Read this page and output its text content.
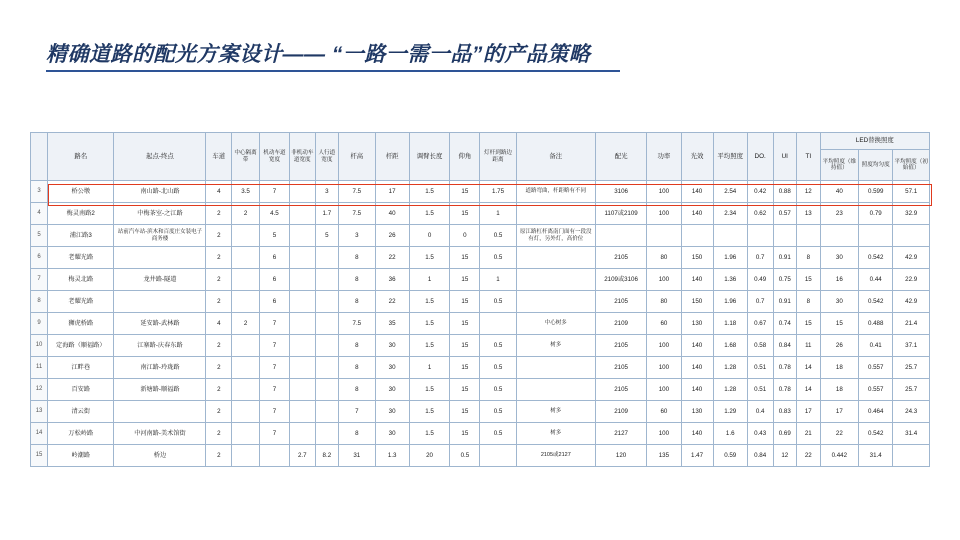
精确道路的配光方案设计—— “一路一需一品”的产品策略
	路名	起点-终点	车道	中心隔离带	机动车道宽度	非机动车道宽度	人行道宽度	杆高	杆距	调臂长度	仰角	灯杆到路边距离	备注	配光	功率	光效	平均照度	DO.	UI	TI	LED替换照度		
																					平均照度（维持值）	照度均匀度	平均照度（初始值）
3	桥公墩	南山路-北山路	4	3.5	7		3	7.5	17	1.5	15	1.75	道路弯曲，杆距略有不同	3106	100	140	2.54	0.42	0.88	12	40	0.599	57.1
4	梅灵南路2	中梅茶室-之江路	2	2	4.5		1.7	7.5	40	1.5	15	1		1107或2109	100	140	2.34	0.62	0.57	13	23	0.79	32.9
5	浦江路3	站前汽车站-滨木和百度庄女装电子商务楼	2		5		5	3	26	0	0	0.5	原江路杠杆离南门面有一段没有灯，另外灯，高价位										
6	老耀光路		2		6			8	22	1.5	15	0.5		2105	80	150	1.96	0.7	0.91	8	30	0.542	42.9
7	梅灵北路	龙井路-隧道	2		6			8	36	1	15	1		2109或3106	100	140	1.36	0.49	0.75	15	16	0.44	22.9
8	老耀光路		2		6			8	22	1.5	15	0.5		2105	80	150	1.96	0.7	0.91	8	30	0.542	42.9
9	狮虎桥路	延安路-武林路	4	2	7			7.5	35	1.5	15		中心树多	2109	60	130	1.18	0.67	0.74	15	15	0.488	21.4
10	定海路（顺福路）	江寨路-庆春东路	2		7			8	30	1.5	15	0.5	树多	2105	100	140	1.68	0.58	0.84	11	26	0.41	37.1
11	江畔巷	南江路-玲珑路	2		7			8	30	1	15	0.5		2105	100	140	1.28	0.51	0.78	14	18	0.557	25.7
12	百安路	新塘路-顺福路	2		7			8	30	1.5	15	0.5		2105	100	140	1.28	0.51	0.78	14	18	0.557	25.7
13	清云街		2		7			7	30	1.5	15	0.5	树多	2109	60	130	1.29	0.4	0.83	17	17	0.464	24.3
14	万松岭路	中河南路-美术馆街	2		7			8	30	1.5	15	0.5	树多	2127	100	140	1.6	0.43	0.69	21	22	0.542	31.4
15	岭潮路	桥边	2			2.7	8.2	31	1.3	20	0.5		2105或2127	120	135	1.47	0.59	0.84	12	22	0.442	31.4	
